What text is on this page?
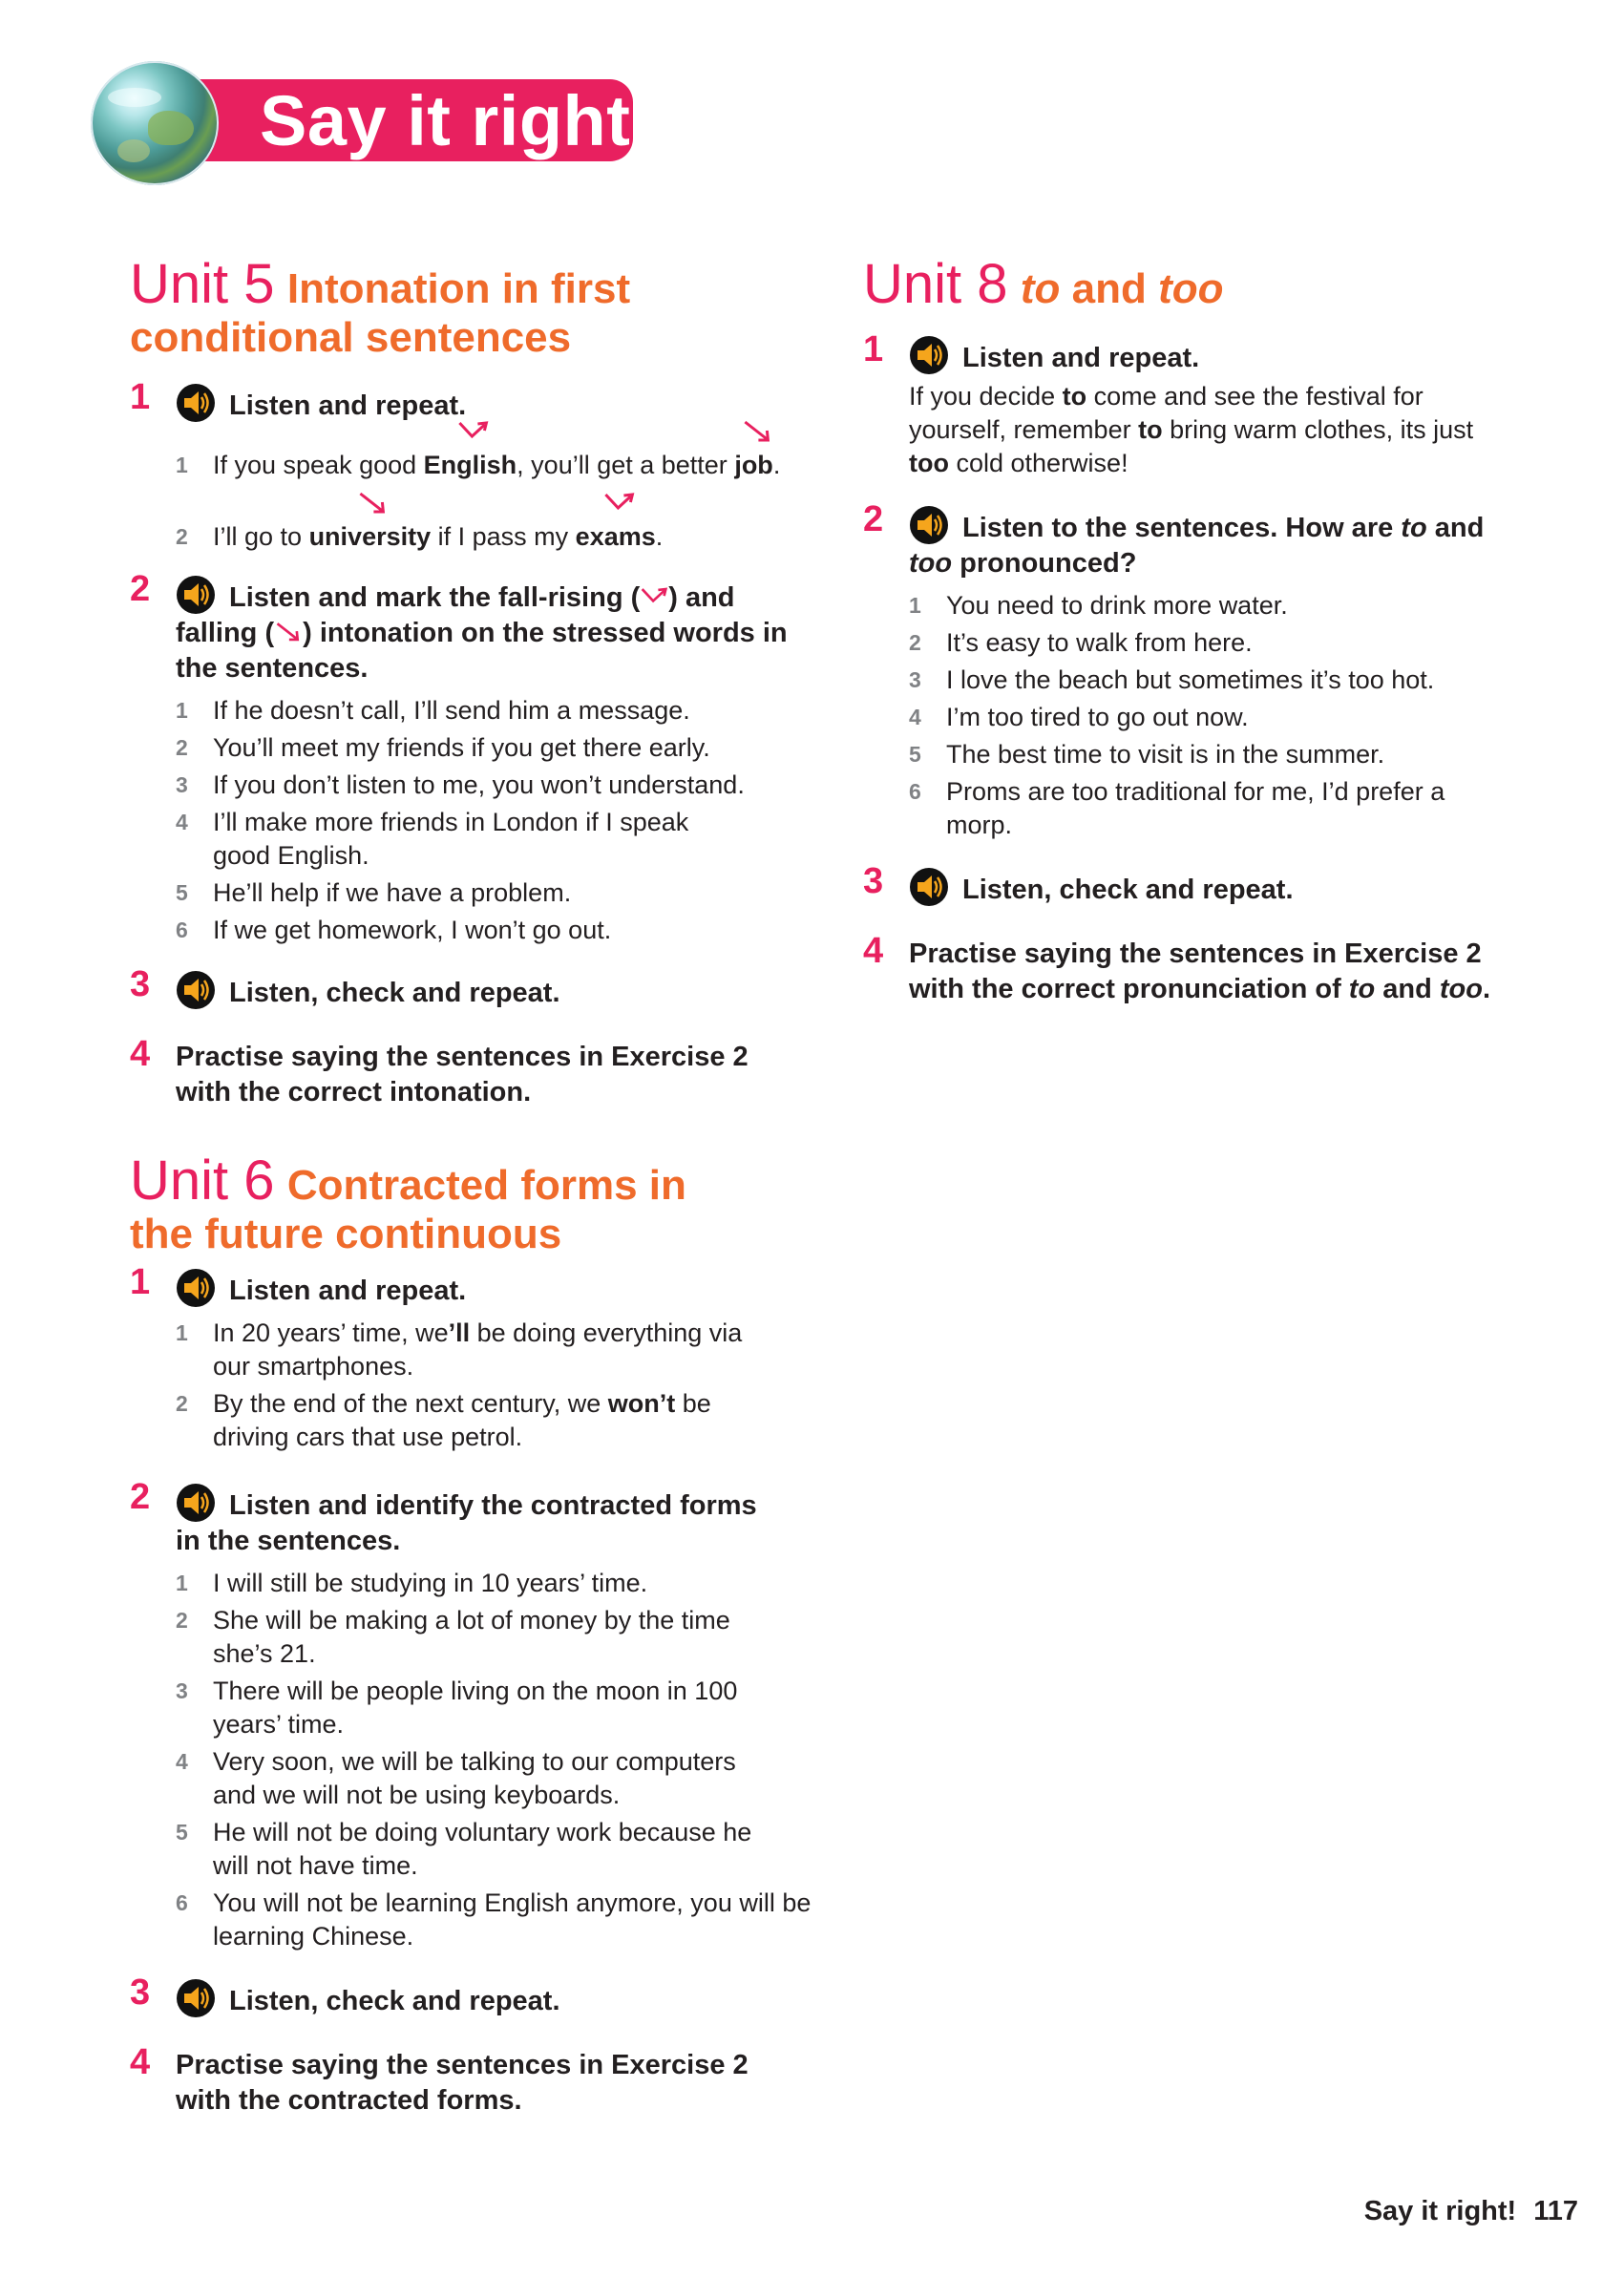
Say it right!
Unit 5 Intonation in first
conditional sentences
1	Listen and repeat.
1 If you speak good
English, you’ll get a better
job.
2 I’ll go to
university if I pass my
exams.
2	Listen and mark the fall-rising ( ) and falling ( ) intonation on the stressed words in the sentences.
1 If he doesn’t call, I’ll send him a message.
2 You’ll meet my friends if you get there early.
3 If you don’t listen to me, you won’t understand.
4 I’ll make more friends in London if I speak good English.
5 He’ll help if we have a problem.
6 If we get homework, I won’t go out.
3	Listen, check and repeat.
4 Practise saying the sentences in Exercise 2 with the correct intonation.
Unit 6 Contracted forms in
the future continuous
1	Listen and repeat.
1 In 20 years’ time, we’ll be doing everything via our smartphones.
2 By the end of the next century, we won’t be driving cars that use petrol.
2	Listen and identify the contracted forms in the sentences.
1 I will still be studying in 10 years’ time.
2 She will be making a lot of money by the time she’s 21.
3 There will be people living on the moon in 100 years’ time.
4 Very soon, we will be talking to our computers and we will not be using keyboards.
5 He will not be doing voluntary work because he will not have time.
6 You will not be learning English anymore, you will be learning Chinese.
3	Listen, check and repeat.
4 Practise saying the sentences in Exercise 2 with the contracted forms.
Unit 8 to and too
1	Listen and repeat.
If you decide to come and see the festival for yourself, remember to bring warm clothes, its just too cold otherwise!
2	Listen to the sentences. How are to and too pronounced?
1 You need to drink more water.
2 It’s easy to walk from here.
3 I love the beach but sometimes it’s too hot.
4 I’m too tired to go out now.
5 The best time to visit is in the summer.
6 Proms are too traditional for me, I’d prefer a morp.
3	Listen, check and repeat.
4 Practise saying the sentences in Exercise 2 with the correct pronunciation of to and too.
Say it right! 117
